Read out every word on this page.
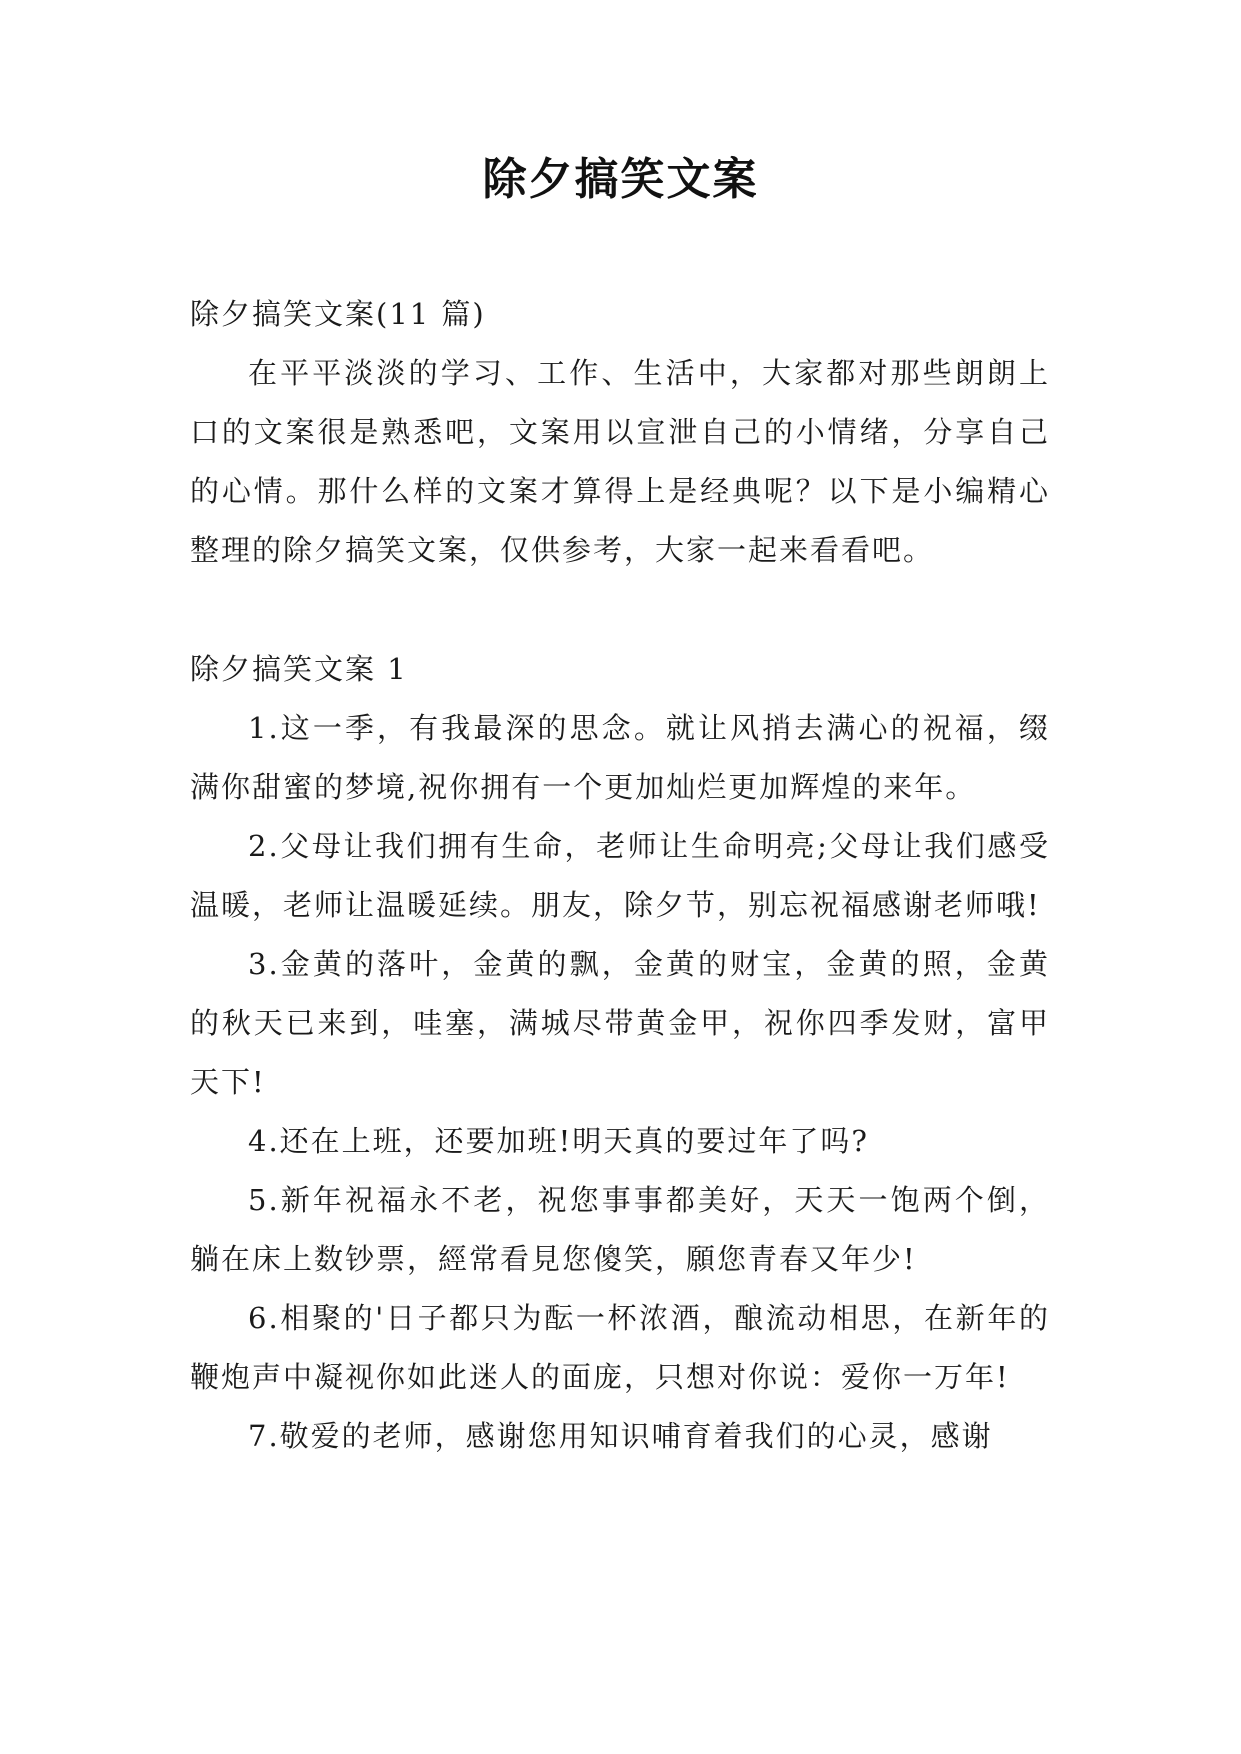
除夕搞笑文案

除夕搞笑文案(11 篇)

在平平淡淡的学习、工作、生活中，大家都对那些朗朗上口的文案很是熟悉吧，文案用以宣泄自己的小情绪，分享自己的心情。那什么样的文案才算得上是经典呢？以下是小编精心整理的除夕搞笑文案，仅供参考，大家一起来看看吧。

除夕搞笑文案 1

1.这一季，有我最深的思念。就让风捎去满心的祝福，缀满你甜蜜的梦境,祝你拥有一个更加灿烂更加辉煌的来年。

2.父母让我们拥有生命，老师让生命明亮;父母让我们感受温暖，老师让温暖延续。朋友，除夕节，别忘祝福感谢老师哦!

3.金黄的落叶，金黄的飘，金黄的财宝，金黄的照，金黄的秋天已来到，哇塞，满城尽带黄金甲，祝你四季发财，富甲天下!

4.还在上班，还要加班!明天真的要过年了吗?

5.新年祝福永不老，祝您事事都美好，天天一饱两个倒，躺在床上数钞票，經常看見您傻笑，願您青春又年少!

6.相聚的'日子都只为酝一杯浓酒，酿流动相思，在新年的鞭炮声中凝视你如此迷人的面庞，只想对你说：爱你一万年!

7.敬爱的老师，感谢您用知识哺育着我们的心灵，感谢
